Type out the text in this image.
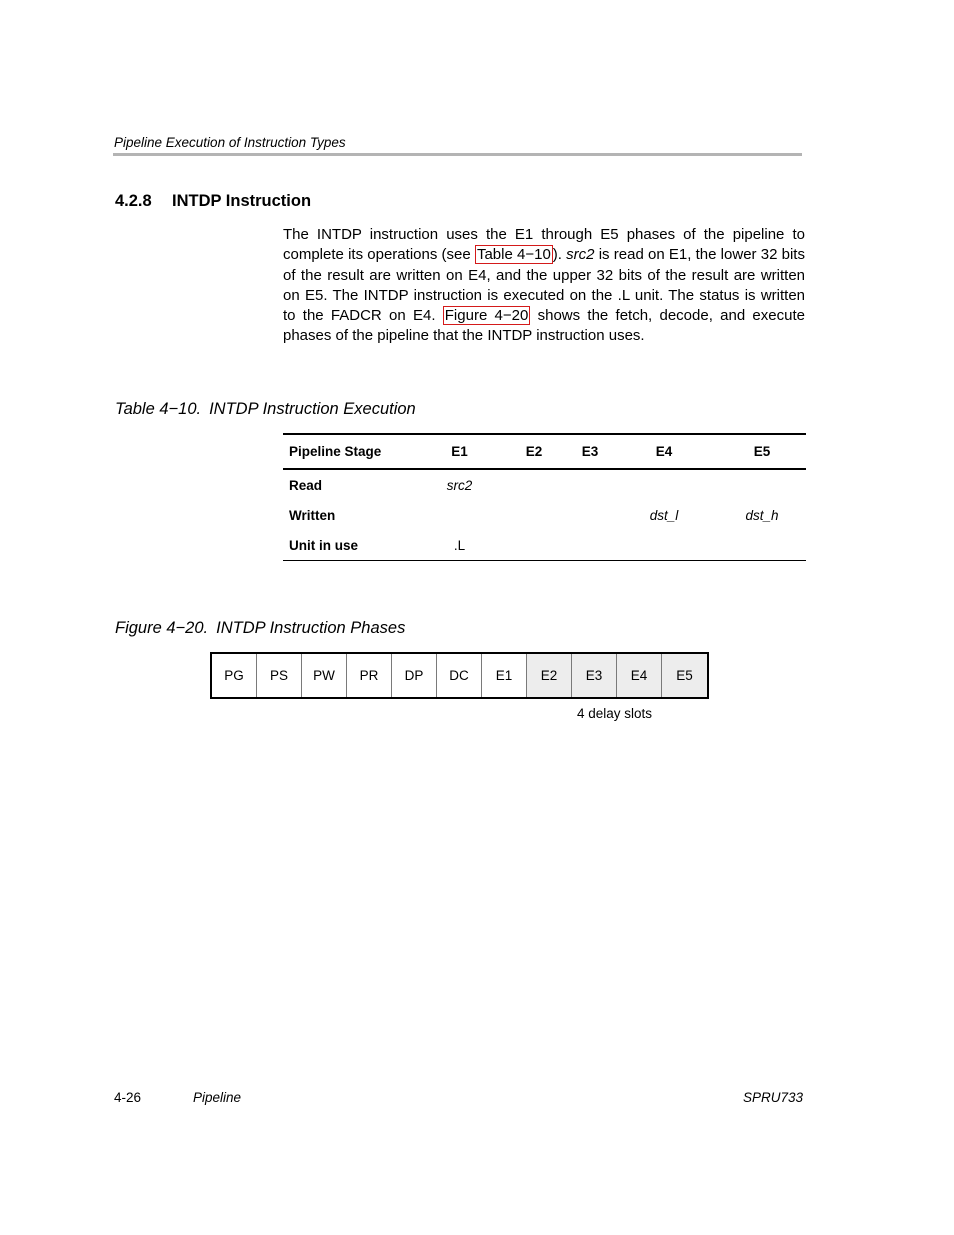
Pipeline Execution of Instruction Types
4.2.8 INTDP Instruction

The INTDP instruction uses the E1 through E5 phases of the pipeline to complete its operations (see Table 4−10 ). src2 is read on E1, the lower 32 bits of the result are written on E4, and the upper 32 bits of the result are written on E5. The INTDP instruction is executed on the .L unit. The status is written to the FADCR on E4. Figure 4−20 shows the fetch, decode, and execute phases of the pipeline that the INTDP instruction uses.

Table 4−10. INTDP Instruction Execution
Pipeline Stage	E1	E2	E3	E4	E5
Read	src2				
Written				dst_l	dst_h
Unit in use	.L				
Figure 4−20. INTDP Instruction Phases
PG	PS	PW	PR	DP	DC	E1	E2	E3	E4	E5
4 delay slots
4-26	Pipeline	SPRU733
